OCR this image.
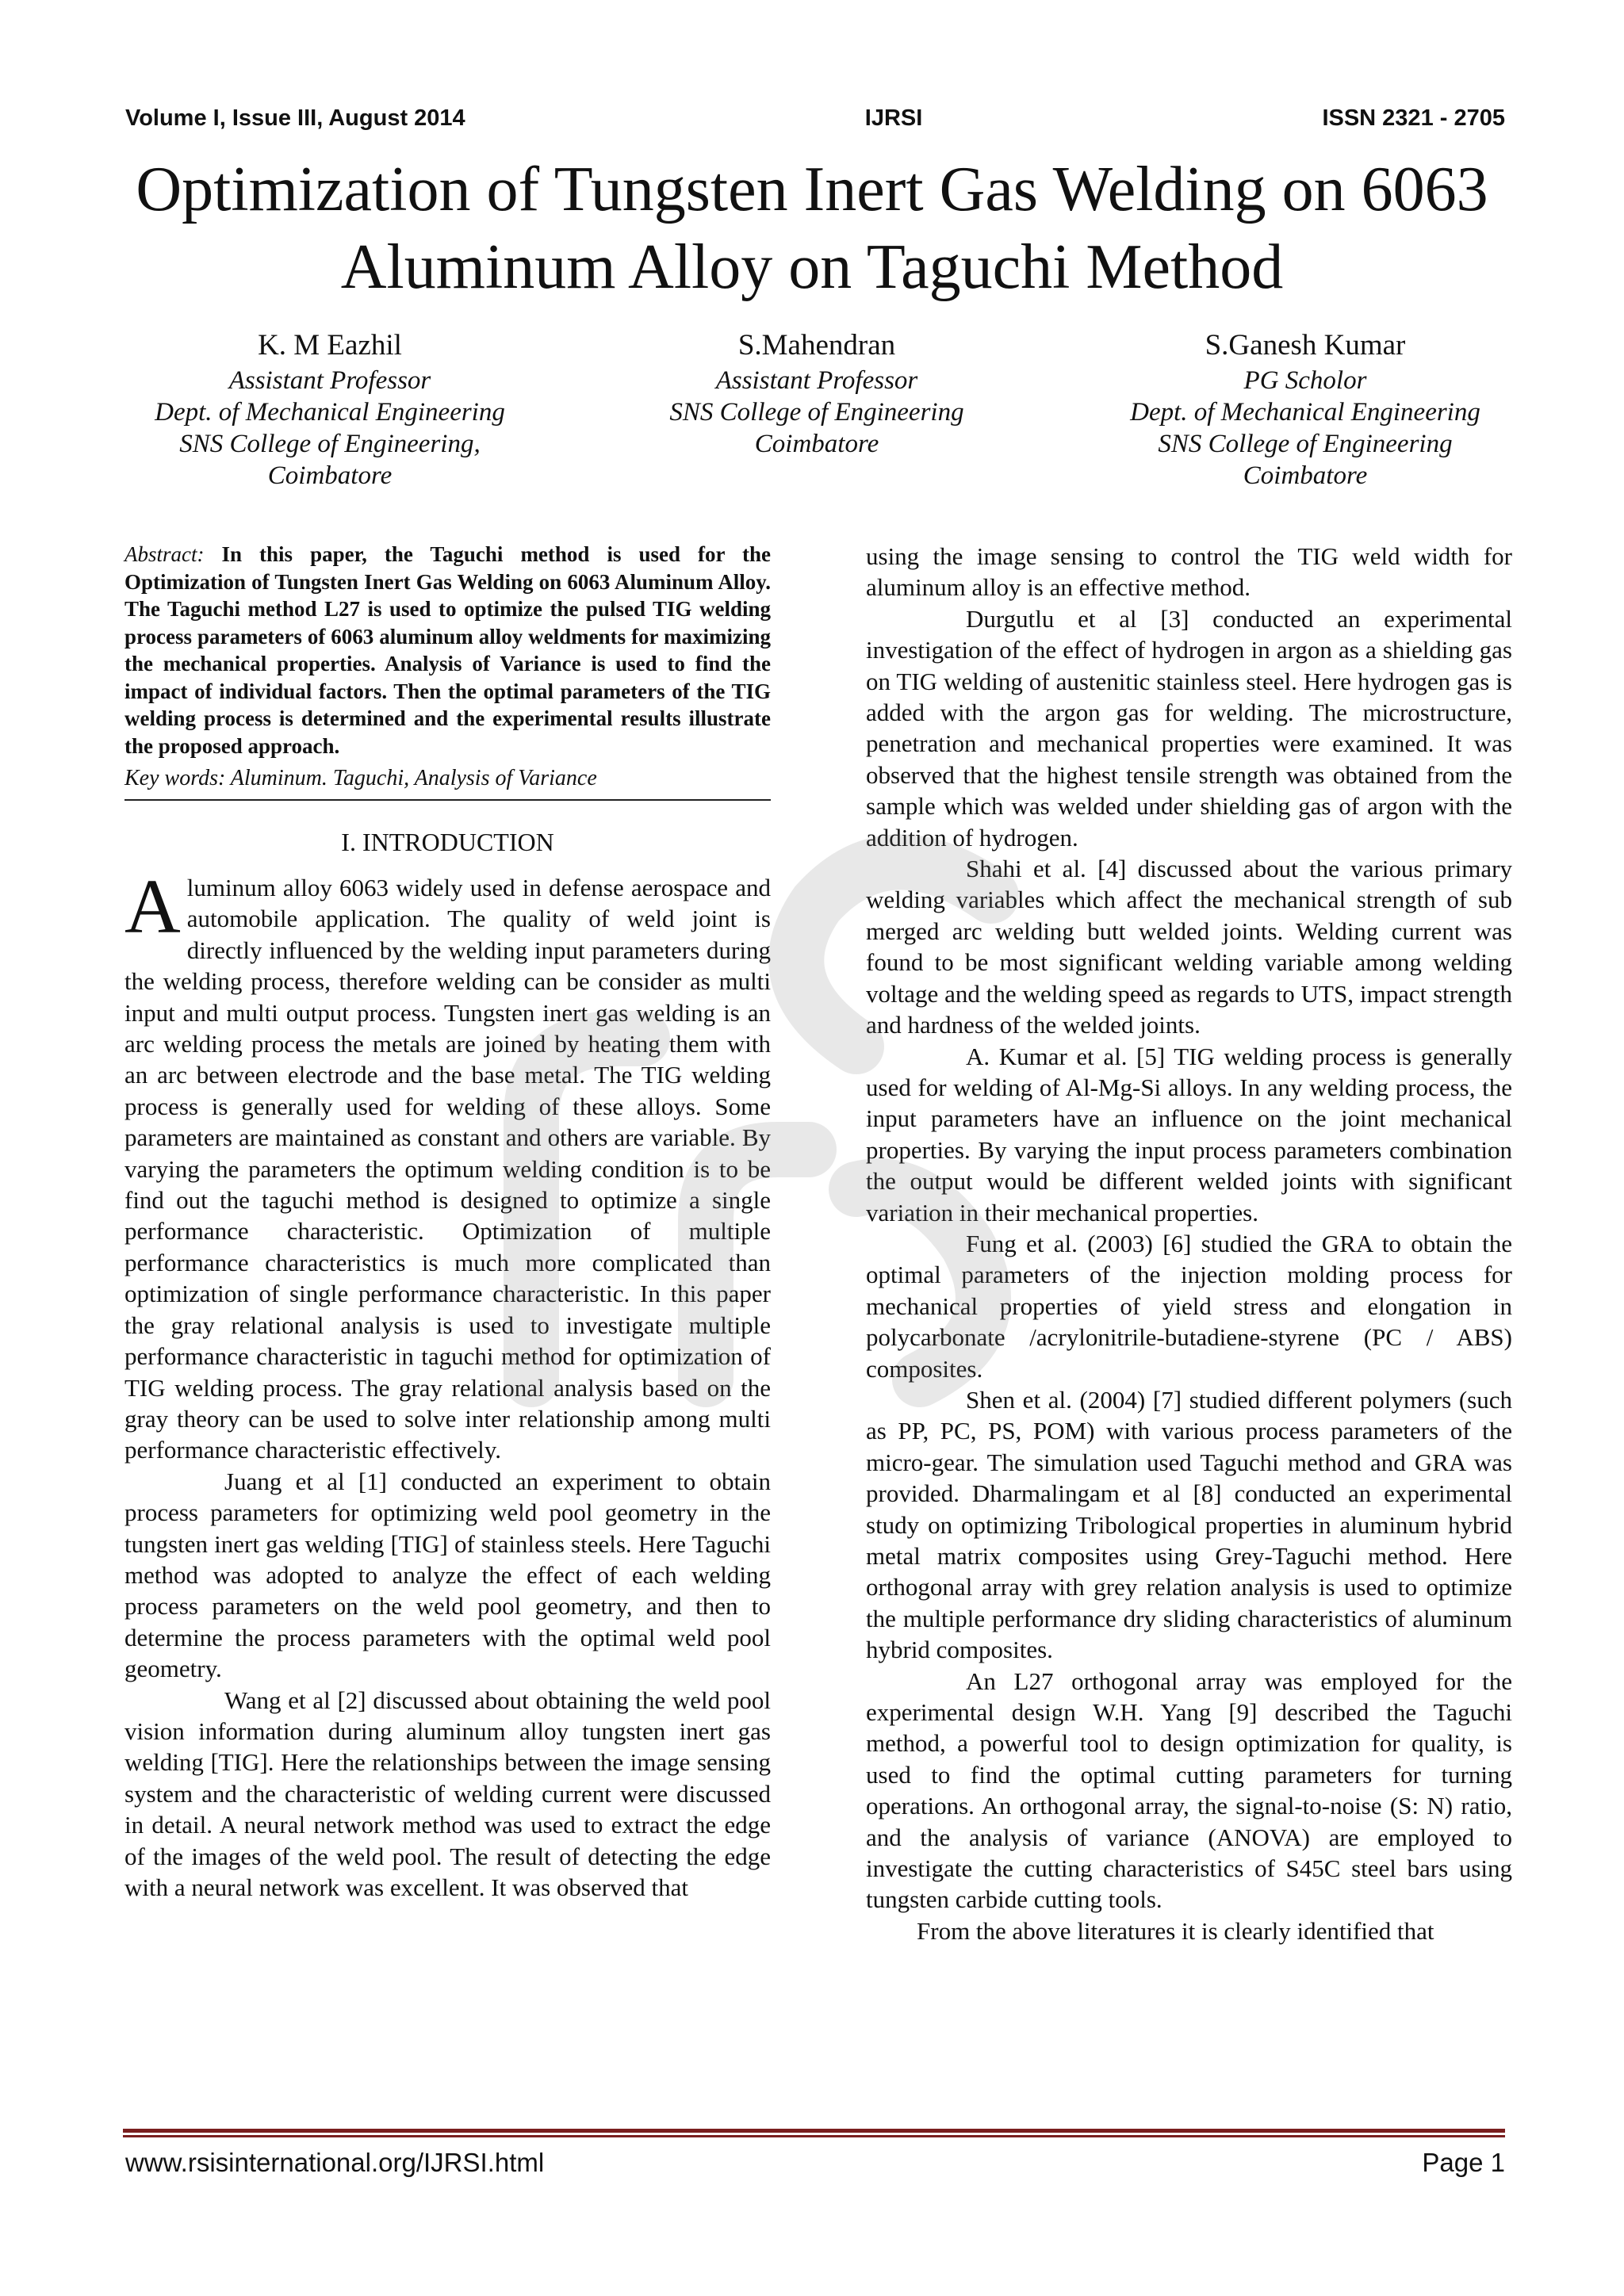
Volume I, Issue III, August 2014	IJRSI	ISSN 2321 - 2705
Optimization of Tungsten Inert Gas Welding on 6063 Aluminum Alloy on Taguchi Method
K. M Eazhil
Assistant Professor
Dept. of Mechanical Engineering
SNS College of Engineering,
Coimbatore
S.Mahendran
Assistant Professor
SNS College of Engineering
Coimbatore
S.Ganesh Kumar
PG Scholor
Dept. of Mechanical Engineering
SNS College of Engineering
Coimbatore

Abstract: In this paper, the Taguchi method is used for the Optimization of Tungsten Inert Gas Welding on 6063 Aluminum Alloy. The Taguchi method L27 is used to optimize the pulsed TIG welding process parameters of 6063 aluminum alloy weldments for maximizing the mechanical properties. Analysis of Variance is used to find the impact of individual factors. Then the optimal parameters of the TIG welding process is determined and the experimental results illustrate the proposed approach.

Key words: Aluminum. Taguchi, Analysis of Variance
I. INTRODUCTION

Aluminum alloy 6063 widely used in defense aerospace and automobile application. The quality of weld joint is directly influenced by the welding input parameters during the welding process, therefore welding can be consider as multi input and multi output process. Tungsten inert gas welding is an arc welding process the metals are joined by heating them with an arc between electrode and the base metal. The TIG welding process is generally used for welding of these alloys. Some parameters are maintained as constant and others are variable. By varying the parameters the optimum welding condition is to be find out the taguchi method is designed to optimize a single performance characteristic. Optimization of multiple performance characteristics is much more complicated than optimization of single performance characteristic. In this paper the gray relational analysis is used to investigate multiple performance characteristic in taguchi method for optimization of TIG welding process. The gray relational analysis based on the gray theory can be used to solve inter relationship among multi performance characteristic effectively.

Juang et al [1] conducted an experiment to obtain process parameters for optimizing weld pool geometry in the tungsten inert gas welding [TIG] of stainless steels. Here Taguchi method was adopted to analyze the effect of each welding process parameters on the weld pool geometry, and then to determine the process parameters with the optimal weld pool geometry.

Wang et al [2] discussed about obtaining the weld pool vision information during aluminum alloy tungsten inert gas welding [TIG]. Here the relationships between the image sensing system and the characteristic of welding current were discussed in detail. A neural network method was used to extract the edge of the images of the weld pool. The result of detecting the edge with a neural network was excellent. It was observed that

using the image sensing to control the TIG weld width for aluminum alloy is an effective method.

Durgutlu et al [3] conducted an experimental investigation of the effect of hydrogen in argon as a shielding gas on TIG welding of austenitic stainless steel. Here hydrogen gas is added with the argon gas for welding. The microstructure, penetration and mechanical properties were examined. It was observed that the highest tensile strength was obtained from the sample which was welded under shielding gas of argon with the addition of hydrogen.

Shahi et al. [4] discussed about the various primary welding variables which affect the mechanical strength of sub merged arc welding butt welded joints. Welding current was found to be most significant welding variable among welding voltage and the welding speed as regards to UTS, impact strength and hardness of the welded joints.

A. Kumar et al. [5] TIG welding process is generally used for welding of Al-Mg-Si alloys. In any welding process, the input parameters have an influence on the joint mechanical properties. By varying the input process parameters combination the output would be different welded joints with significant variation in their mechanical properties.

Fung et al. (2003) [6] studied the GRA to obtain the optimal parameters of the injection molding process for mechanical properties of yield stress and elongation in polycarbonate /acrylonitrile-butadiene-styrene (PC / ABS) composites.

Shen et al. (2004) [7] studied different polymers (such as PP, PC, PS, POM) with various process parameters of the micro-gear. The simulation used Taguchi method and GRA was provided. Dharmalingam et al [8] conducted an experimental study on optimizing Tribological properties in aluminum hybrid metal matrix composites using Grey-Taguchi method. Here orthogonal array with grey relation analysis is used to optimize the multiple performance dry sliding characteristics of aluminum hybrid composites.

An L27 orthogonal array was employed for the experimental design W.H. Yang [9] described the Taguchi method, a powerful tool to design optimization for quality, is used to find the optimal cutting parameters for turning operations. An orthogonal array, the signal-to-noise (S: N) ratio, and the analysis of variance (ANOVA) are employed to investigate the cutting characteristics of S45C steel bars using tungsten carbide cutting tools.

From the above literatures it is clearly identified that

www.rsisinternational.org/IJRSI.html	Page 1
